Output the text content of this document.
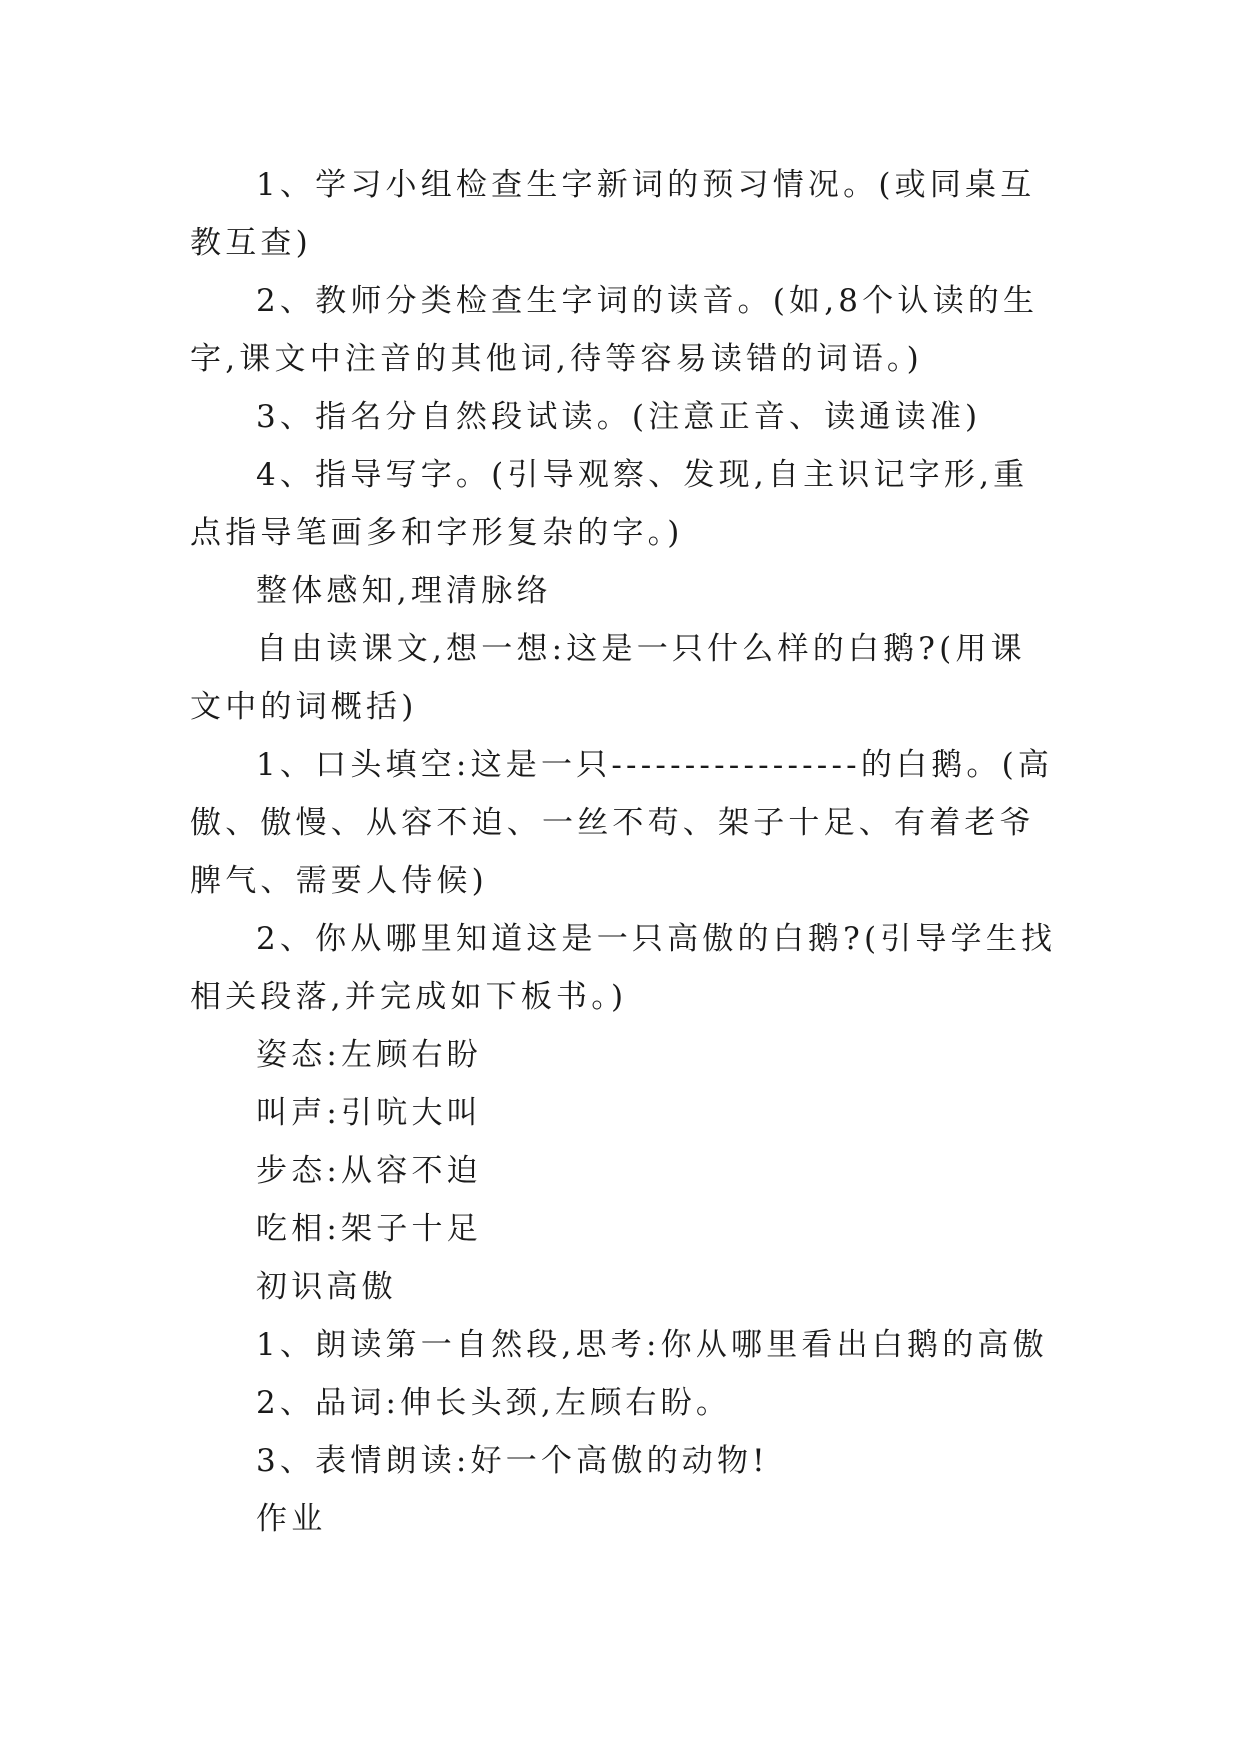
1、学习小组检查生字新词的预习情况。(或同桌互教互查)

2、教师分类检查生字词的读音。(如,8个认读的生字,课文中注音的其他词,待等容易读错的词语。)

3、指名分自然段试读。(注意正音、读通读准)

4、指导写字。(引导观察、发现,自主识记字形,重点指导笔画多和字形复杂的字。)

整体感知,理清脉络

自由读课文,想一想:这是一只什么样的白鹅?(用课文中的词概括)

1、口头填空:这是一只-----------------的白鹅。(高傲、傲慢、从容不迫、一丝不苟、架子十足、有着老爷脾气、需要人侍候)

2、你从哪里知道这是一只高傲的白鹅?(引导学生找相关段落,并完成如下板书。)

姿态:左顾右盼

叫声:引吭大叫

步态:从容不迫

吃相:架子十足

初识高傲

1、朗读第一自然段,思考:你从哪里看出白鹅的高傲

2、品词:伸长头颈,左顾右盼。

3、表情朗读:好一个高傲的动物!

作业
